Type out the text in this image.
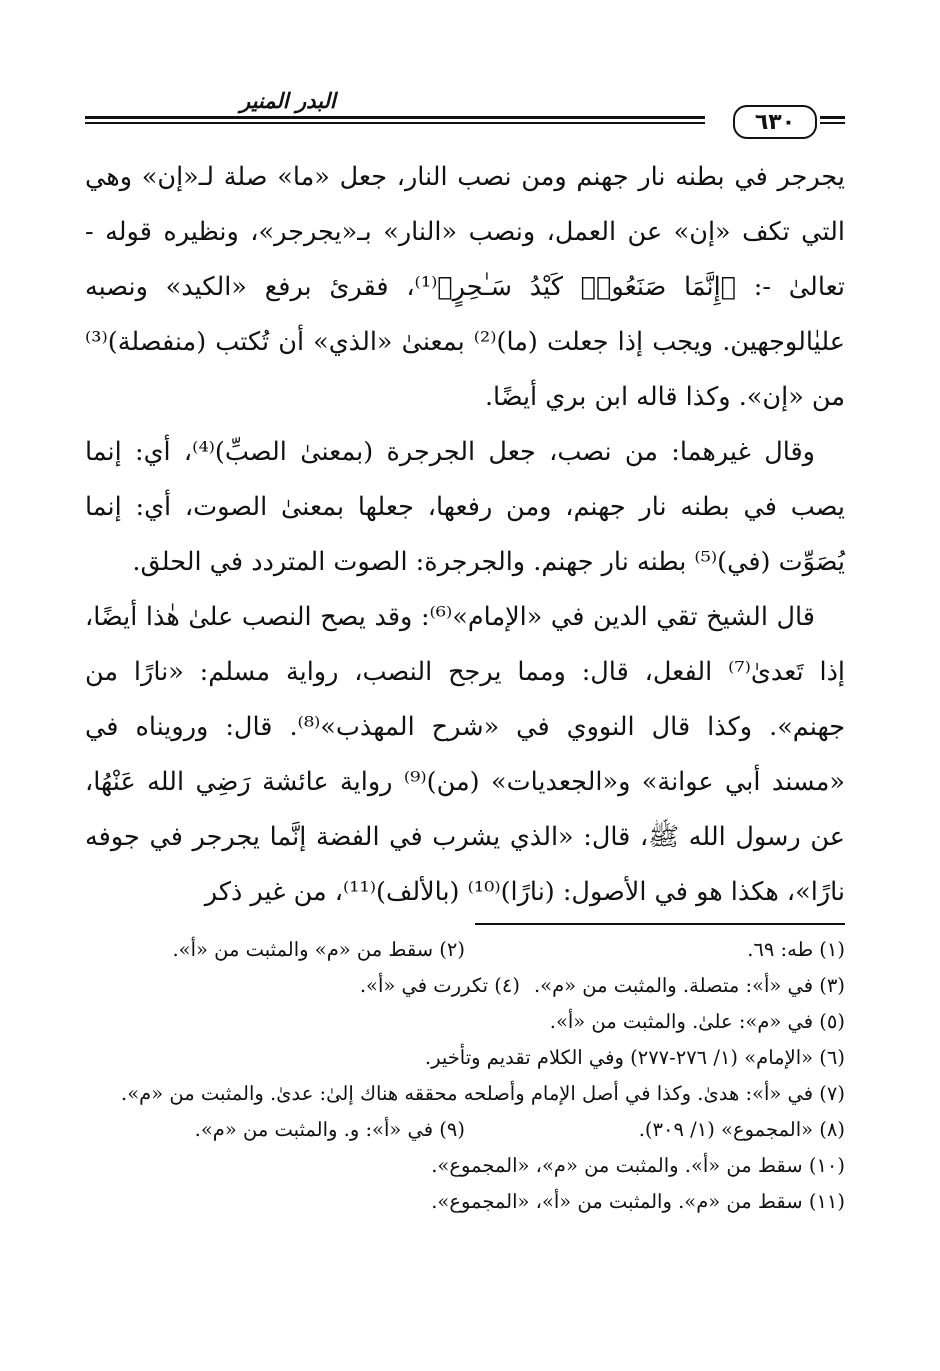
البدر المنير
٦٣٠

يجرجر في بطنه نار جهنم ومن نصب النار، جعل «ما» صلة لـ«إن» وهي التي تكف «إن» عن العمل، ونصب «النار» بـ«يجرجر»، ونظيره قوله - تعالىٰ -: ﴿إِنَّمَا صَنَعُوا۟ كَيْدُ سَـٰحِرٍ﴾⁽¹⁾، فقرئ برفع «الكيد» ونصبه عليٰالوجهين. ويجب إذا جعلت (ما)⁽²⁾ بمعنىٰ «الذي» أن تُكتب (منفصلة)⁽³⁾ من «إن». وكذا قاله ابن بري أيضًا.

وقال غيرهما: من نصب، جعل الجرجرة (بمعنىٰ الصبِّ)⁽⁴⁾، أي: إنما يصب في بطنه نار جهنم، ومن رفعها، جعلها بمعنىٰ الصوت، أي: إنما يُصَوِّت (في)⁽⁵⁾ بطنه نار جهنم. والجرجرة: الصوت المتردد في الحلق.

قال الشيخ تقي الدين في «الإمام»⁽⁶⁾: وقد يصح النصب علىٰ هٰذا أيضًا، إذا تَعدىٰ⁽⁷⁾ الفعل، قال: ومما يرجح النصب، رواية مسلم: «نارًا من جهنم». وكذا قال النووي في «شرح المهذب»⁽⁸⁾. قال: ورويناه في «مسند أبي عوانة» و«الجعديات» (من)⁽⁹⁾ رواية عائشة رَضِي الله عَنْهُا، عن رسول الله ﷺ، قال: «الذي يشرب في الفضة إنَّما يجرجر في جوفه نارًا»، هكذا هو في الأصول: (نارًا)⁽¹⁰⁾ (بالألف)⁽¹¹⁾، من غير ذكر

(١) طه: ٦٩.
(٢) سقط من «م» والمثبت من «أ».
(٣) في «أ»: متصلة. والمثبت من «م».
(٤) تكررت في «أ».
(٥) في «م»: علىٰ. والمثبت من «أ».
(٦) «الإمام» (١/ ٢٧٦-٢٧٧) وفي الكلام تقديم وتأخير.

(٧) في «أ»: هدىٰ. وكذا في أصل الإمام وأصلحه محققه هناك إلىٰ: عدىٰ. والمثبت من «م».

(٨) «المجموع» (١/ ٣٠٩).
(٩) في «أ»: و. والمثبت من «م».
(١٠) سقط من «أ». والمثبت من «م»، «المجموع».
(١١) سقط من «م». والمثبت من «أ»، «المجموع».
